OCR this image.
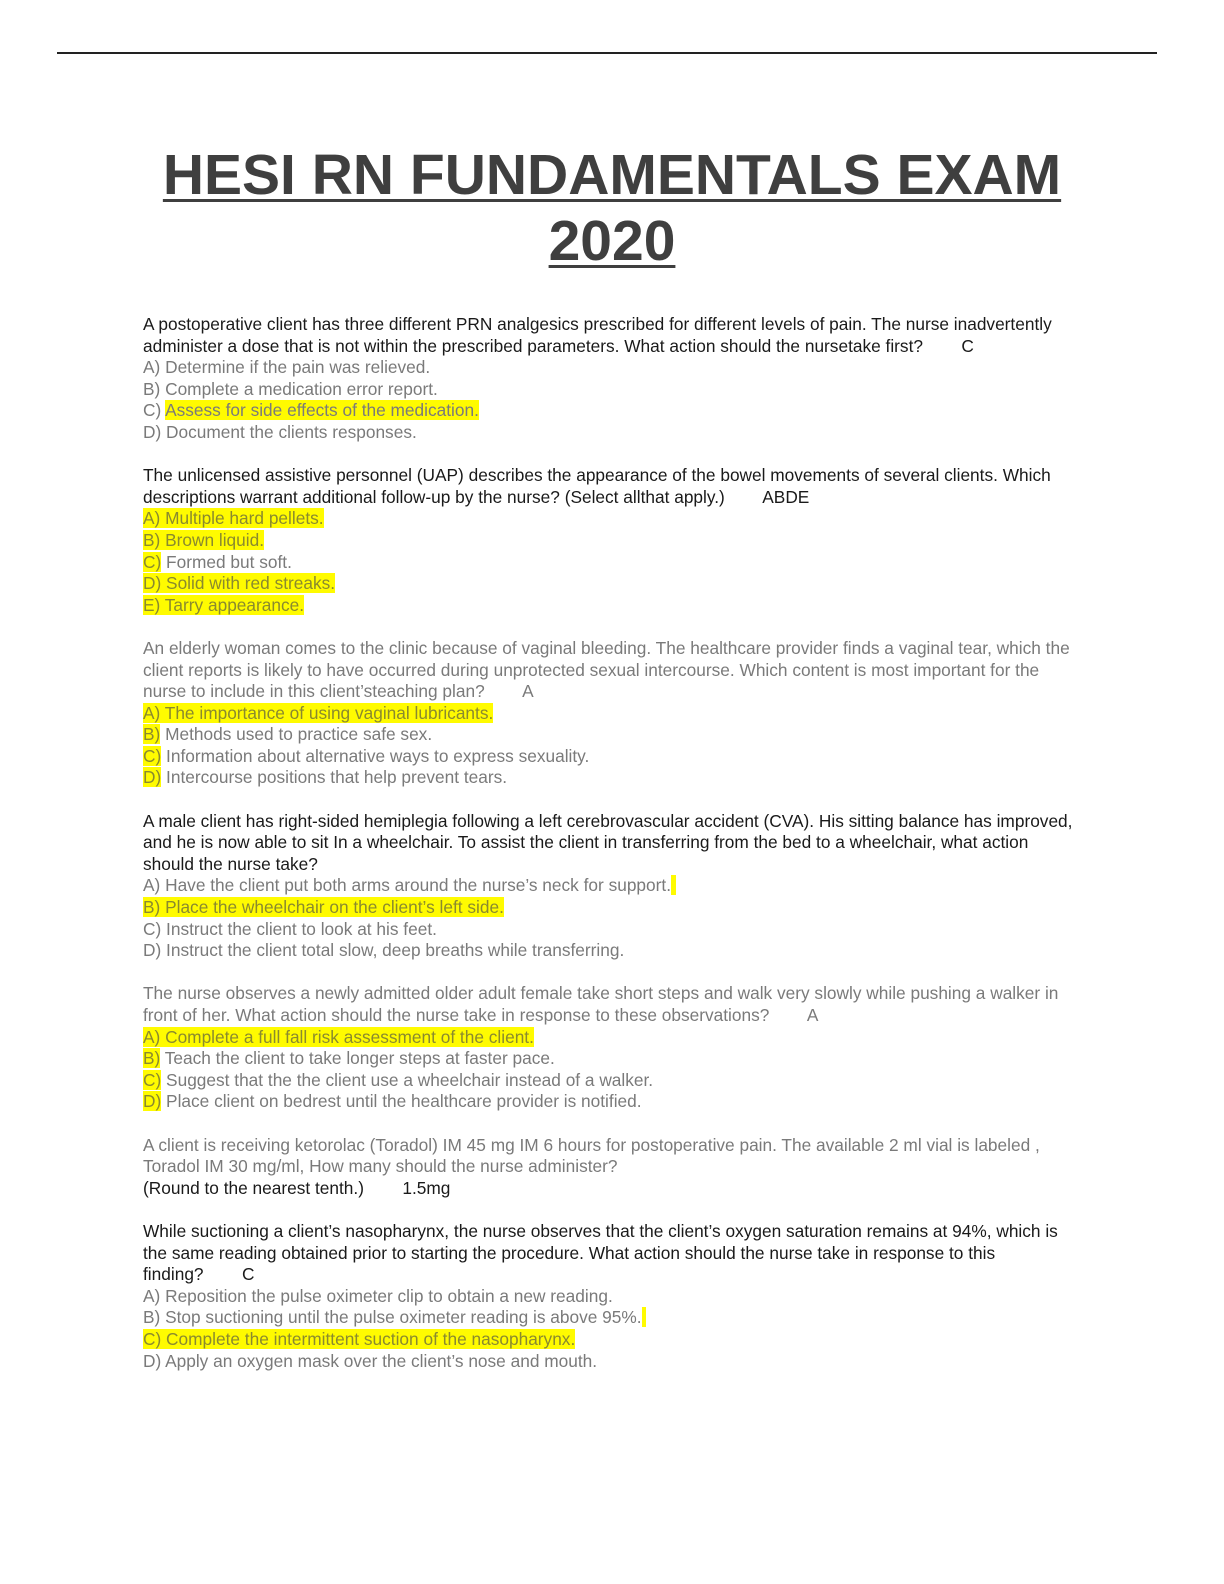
HESI RN FUNDAMENTALS EXAM
2020

A postoperative client has three different PRN analgesics prescribed for different levels of pain. The nurse inadvertently administer a dose that is not within the prescribed parameters. What action should the nursetake first? C

A) Determine if the pain was relieved.

B) Complete a medication error report.

C) Assess for side effects of the medication.

D) Document the clients responses.

The unlicensed assistive personnel (UAP) describes the appearance of the bowel movements of several clients. Which descriptions warrant additional follow-up by the nurse? (Select allthat apply.) ABDE

A) Multiple hard pellets.

B) Brown liquid.

C) Formed but soft.

D) Solid with red streaks.

E) Tarry appearance.

An elderly woman comes to the clinic because of vaginal bleeding. The healthcare provider finds a vaginal tear, which the client reports is likely to have occurred during unprotected sexual intercourse. Which content is most important for the nurse to include in this client’steaching plan? A

A) The importance of using vaginal lubricants.

B) Methods used to practice safe sex.

C) Information about alternative ways to express sexuality.

D) Intercourse positions that help prevent tears.

A male client has right-sided hemiplegia following a left cerebrovascular accident (CVA). His sitting balance has improved, and he is now able to sit In a wheelchair. To assist the client in transferring from the bed to a wheelchair, what action should the nurse take?

A) Have the client put both arms around the nurse’s neck for support.

B) Place the wheelchair on the client’s left side.

C) Instruct the client to look at his feet.

D) Instruct the client total slow, deep breaths while transferring.

The nurse observes a newly admitted older adult female take short steps and walk very slowly while pushing a walker in front of her. What action should the nurse take in response to these observations? A

A) Complete a full fall risk assessment of the client.

B) Teach the client to take longer steps at faster pace.

C) Suggest that the the client use a wheelchair instead of a walker.

D) Place client on bedrest until the healthcare provider is notified.

A client is receiving ketorolac (Toradol) IM 45 mg IM 6 hours for postoperative pain. The available 2 ml vial is labeled , Toradol IM 30 mg/ml, How many should the nurse administer?

(Round to the nearest tenth.) 1.5mg

While suctioning a client’s nasopharynx, the nurse observes that the client’s oxygen saturation remains at 94%, which is the same reading obtained prior to starting the procedure. What action should the nurse take in response to this finding? C

A) Reposition the pulse oximeter clip to obtain a new reading.

B) Stop suctioning until the pulse oximeter reading is above 95%.

C) Complete the intermittent suction of the nasopharynx.

D) Apply an oxygen mask over the client’s nose and mouth.
